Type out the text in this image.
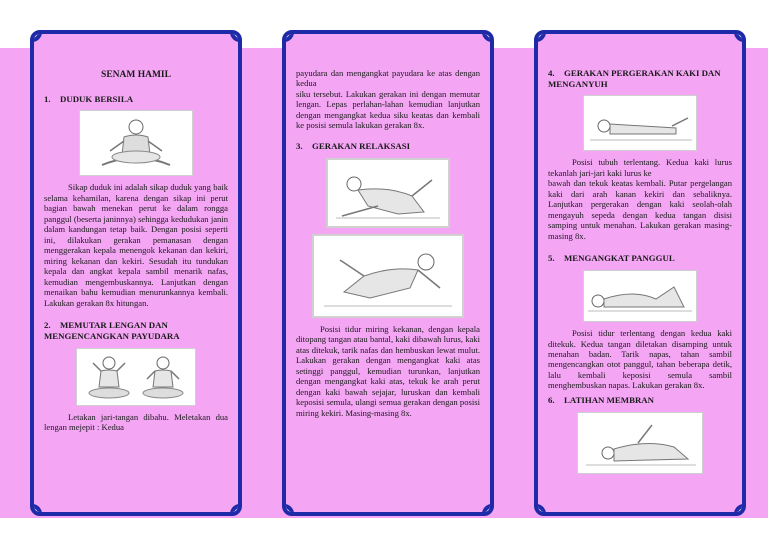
SENAM HAMIL
1. DUDUK BERSILA

Sikap duduk ini adalah sikap duduk yang baik selama kehamilan, karena dengan sikap ini perut bagian bawah menekan perut ke dalam rongga panggul (beserta janinnya) sehingga kedudukan janin dalam kandungan tetap baik. Dengan posisi seperti ini, dilakukan gerakan pemanasan dengan menggerakan kepala menengok kekanan dan kekiri, miring kekanan dan kekiri. Sesudah itu tundukan kepala dan angkat kepala sambil menarik nafas, kemudian mengembuskannya. Lanjutkan dengan menaikan bahu kemudian menurunkannya kembali. Lakukan gerakan 8x hitungan.

2. MEMUTAR LENGAN DAN MENGENCANGKAN PAYUDARA

Letakan jari-tangan dibahu. Meletakan dua lengan mejepit : Kedua

payudara dan mengangkat payudara ke atas dengan kedua

siku tersebut. Lakukan gerakan ini dengan memutar lengan. Lepas perlahan-lahan kemudian lanjutkan dengan mengangkat kedua siku keatas dan kembali ke posisi semula lakukan gerakan 8x.

3. GERAKAN RELAKSASI

Posisi tidur miring kekanan, dengan kepala ditopang tangan atau bantal, kaki dibawah lurus, kaki atas ditekuk, tarik nafas dan hembuskan lewat mulut. Lakukan gerakan dengan mengangkat kaki atas setinggi panggul, kemudian turunkan, lanjutkan dengan mengangkat kaki atas, tekuk ke arah perut dengan kaki bawah sejajar, luruskan dan kembali keposisi semula, ulangi semua gerakan dengan posisi miring kekiri. Masing-masing 8x.

4. GERAKAN PERGERAKAN KAKI DAN MENGANYUH

Posisi tubuh terlentang. Kedua kaki lurus tekanlah jari-jari kaki lurus ke

bawah dan tekuk keatas kembali. Putar pergelangan kaki dari arah kanan kekiri dan sebaliknya. Lanjutkan pergerakan dengan kaki seolah-olah mengayuh sepeda dengan kedua tangan disisi samping untuk menahan. Lakukan gerakan masing-masing 8x.

5. MENGANGKAT PANGGUL

Posisi tidur terlentang dengan kedua kaki ditekuk. Kedua tangan diletakan disamping untuk menahan badan. Tarik napas, tahan sambil mengencangkan otot panggul, tahan beberapa detik, lalu kembali keposisi semula sambil menghembuskan napas. Lakukan gerakan 8x.

6. LATIHAN MEMBRAN
